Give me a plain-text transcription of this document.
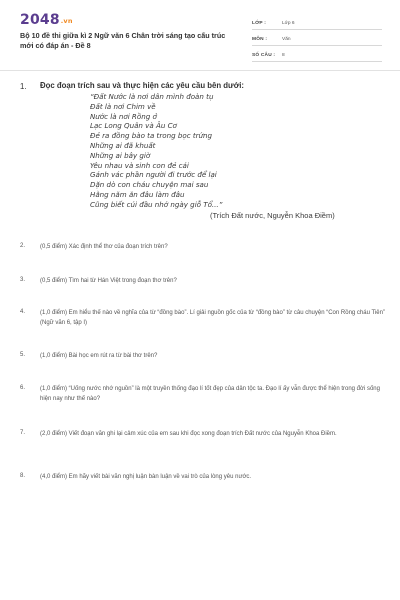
2048.vn
Bộ 10 đề thi giữa kì 2 Ngữ văn 6 Chân trời sáng tạo cấu trúc mới có đáp án - Đề 8
LỚP :	Lớp 6
MÔN :	Văn
SỐ CÂU :	8
1. Đọc đoạn trích sau và thực hiện các yêu cầu bên dưới:
“Đất Nước là nơi dân mình đoàn tụ
Đất là nơi Chim về
Nước là nơi Rồng ở
Lạc Long Quân và Âu Cơ
Đẻ ra đồng bào ta trong bọc trứng
Những ai đã khuất
Những ai bây giờ
Yêu nhau và sinh con đẻ cái
Gánh vác phần người đi trước để lại
Dặn dò con cháu chuyện mai sau
Hằng năm ăn đâu làm đâu
Cũng biết cúi đầu nhớ ngày giỗ Tổ...”
(Trích Đất nước, Nguyễn Khoa Điềm)
2. (0,5 điểm) Xác định thể thơ của đoạn trích trên?
3. (0,5 điểm) Tìm hai từ Hán Việt trong đoạn thơ trên?
4. (1,0 điểm) Em hiểu thế nào về nghĩa của từ “đồng bào”. Lí giải nguồn gốc của từ “đồng bào” từ câu chuyện “Con Rồng cháu Tiên” (Ngữ văn 6, tập I)
5. (1,0 điểm) Bài học em rút ra từ bài thơ trên?
6. (1,0 điểm) “Uống nước nhớ nguồn” là một truyền thống đạo lí tốt đẹp của dân tộc ta. Đạo lí ấy vẫn được thể hiện trong đời sống hiện nay như thế nào?
7. (2,0 điểm) Viết đoạn văn ghi lại cảm xúc của em sau khi đọc xong đoạn trích Đất nước của Nguyễn Khoa Điềm.
8. (4,0 điểm) Em hãy viết bài văn nghị luận bàn luận về vai trò của lòng yêu nước.
